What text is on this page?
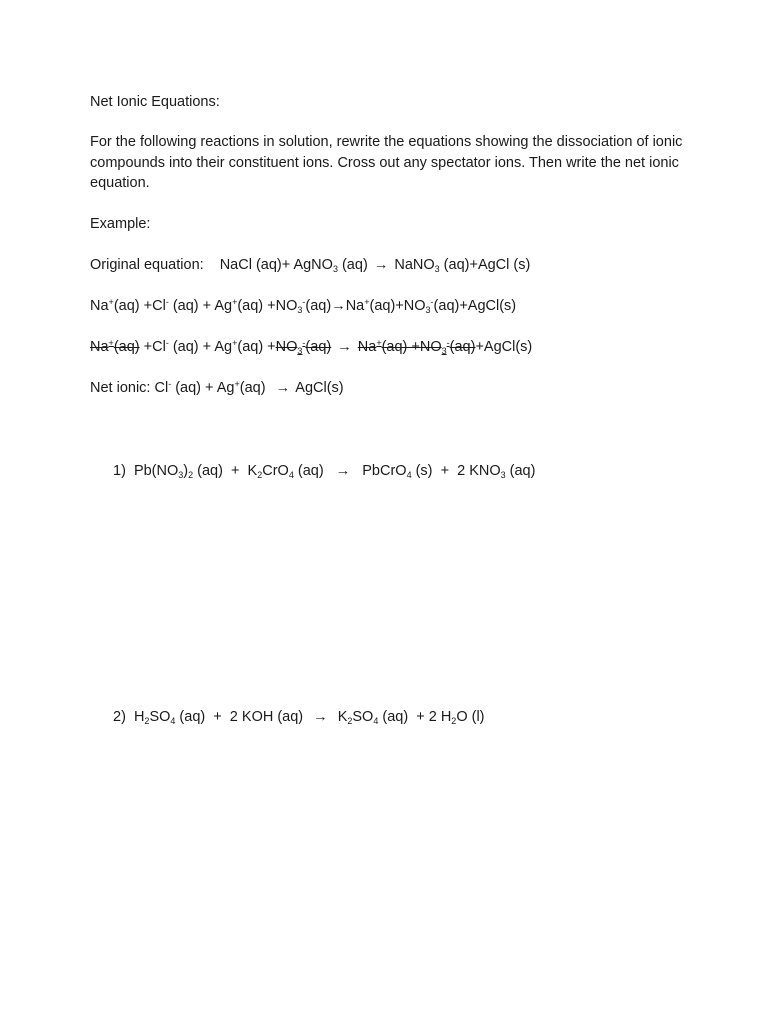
Net Ionic Equations:
For the following reactions in solution, rewrite the equations showing the dissociation of ionic compounds into their constituent ions. Cross out any spectator ions. Then write the net ionic equation.
Example:
Original equation: NaCl (aq)+ AgNO$_3$ (aq) → NaNO$_3$ (aq)+AgCl (s)
Na+(aq) +Cl- $(aq) + Ag^+(aq) +NO_3^-(aq)\to Na^+(aq)+NO_3^-(aq)+AgCl(s)$
Na+(aq) +Cl- $(aq) + Ag^+(aq) +NO_3^-(aq) \to Na^+(aq)$ $+NO_3^-(aq)+AgCl(s)$
Net ionic: Cl- (aq) + Ag+(aq) → AgCl(s)
1) $Pb(NO_3)_2$ $(aq) + K_2CrO_4$ (aq) → PbCrO$_4$ (s)  +  2 $KNO_3$ (aq)
2) $H_2SO_4$ (aq)  +  2 KOH $(aq) \to K_2SO_4$ (aq)  + 2 $H_2O$ (l)
